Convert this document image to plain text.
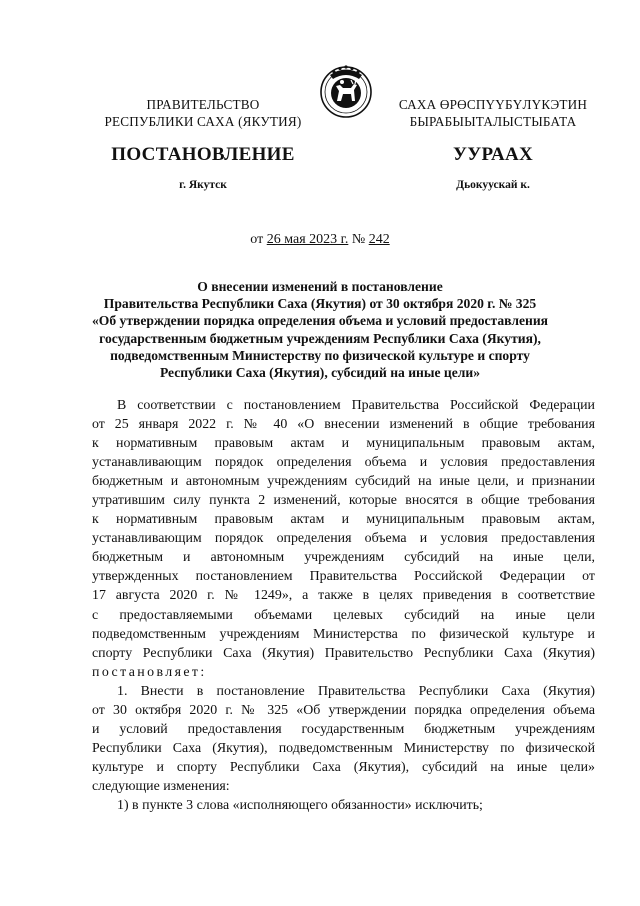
ПРАВИТЕЛЬСТВО
РЕСПУБЛИКИ САХА (ЯКУТИЯ)
САХА ӨРӨСПҮҮБҮЛҮКЭТИН
БЫРАБЫЫТАЛЫСТЫБАТА
ПОСТАНОВЛЕНИЕ	УУРААХ
г. Якутск	Дьокуускай к.
от 26 мая 2023 г. № 242
О внесении изменений в постановление
Правительства Республики Саха (Якутия) от 30 октября 2020 г. № 325
«Об утверждении порядка определения объема и условий предоставления
государственным бюджетным учреждениям Республики Саха (Якутия),
подведомственным Министерству по физической культуре и спорту
Республики Саха (Якутия), субсидий на иные цели»
В соответствии с постановлением Правительства Российской Федерации
от 25 января 2022 г. № 40 «О внесении изменений в общие требования
к нормативным правовым актам и муниципальным правовым актам,
устанавливающим порядок определения объема и условия предоставления
бюджетным и автономным учреждениям субсидий на иные цели, и признании
утратившим силу пункта 2 изменений, которые вносятся в общие требования
к нормативным правовым актам и муниципальным правовым актам,
устанавливающим порядок определения объема и условия предоставления
бюджетным и автономным учреждениям субсидий на иные цели,
утвержденных постановлением Правительства Российской Федерации от
17 августа 2020 г. № 1249», а также в целях приведения в соответствие
с предоставляемыми объемами целевых субсидий на иные цели
подведомственным учреждениям Министерства по физической культуре и
спорту Республики Саха (Якутия) Правительство Республики Саха (Якутия)
постановляет:
1. Внести в постановление Правительства Республики Саха (Якутия)
от 30 октября 2020 г. № 325 «Об утверждении порядка определения объема
и условий предоставления государственным бюджетным учреждениям
Республики Саха (Якутия), подведомственным Министерству по физической
культуре и спорту Республики Саха (Якутия), субсидий на иные цели»
следующие изменения:
1) в пункте 3 слова «исполняющего обязанности» исключить;
